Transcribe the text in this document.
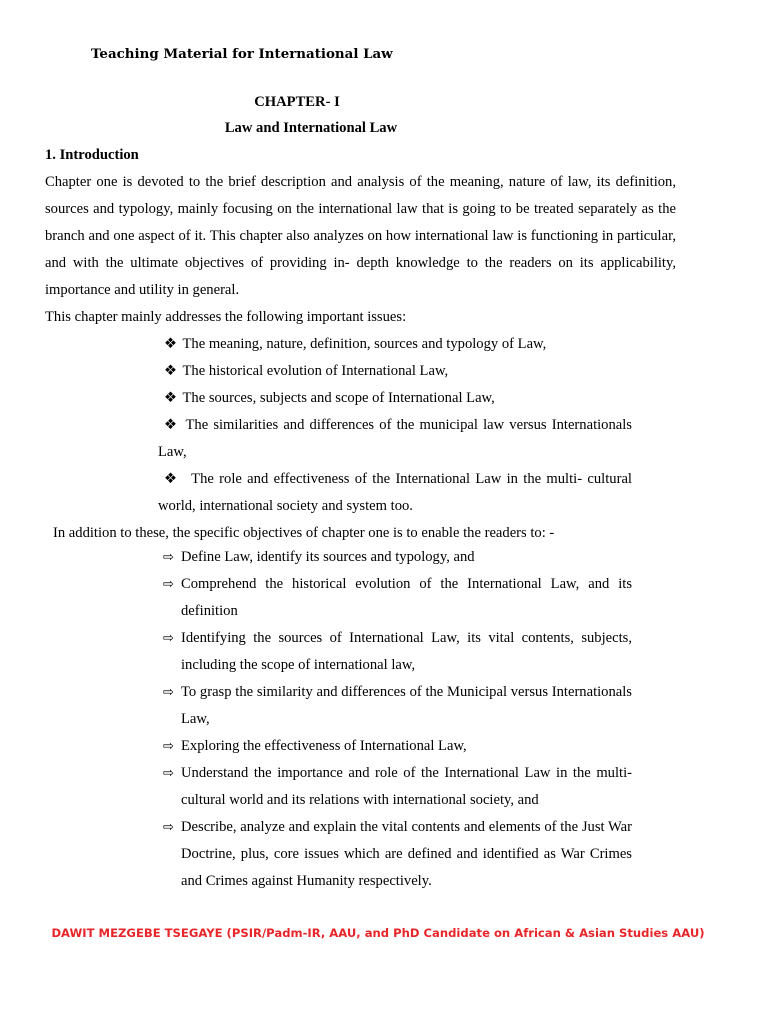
Teaching Material for International Law
CHAPTER- I
Law and International Law
1. Introduction

Chapter one is devoted to the brief description and analysis of the meaning, nature of law, its definition, sources and typology, mainly focusing on the international law that is going to be treated separately as the branch and one aspect of it. This chapter also analyzes on how international law is functioning in particular, and with the ultimate objectives of providing in- depth knowledge to the readers on its applicability, importance and utility in general.

This chapter mainly addresses the following important issues:

❖ The meaning, nature, definition, sources and typology of Law,
❖ The historical evolution of International Law,
❖ The sources, subjects and scope of International Law,
❖ The similarities and differences of the municipal law versus Internationals Law,
❖ The role and effectiveness of the International Law in the multi- cultural world, international society and system too.

In addition to these, the specific objectives of chapter one is to enable the readers to: -

⇨ Define Law, identify its sources and typology, and
⇨ Comprehend the historical evolution of the International Law, and its definition
⇨ Identifying the sources of International Law, its vital contents, subjects, including the scope of international law,
⇨ To grasp the similarity and differences of the Municipal versus Internationals Law,
⇨ Exploring the effectiveness of International Law,
⇨ Understand the importance and role of the International Law in the multi- cultural world and its relations with international society, and
⇨ Describe, analyze and explain the vital contents and elements of the Just War Doctrine, plus, core issues which are defined and identified as War Crimes and Crimes against Humanity respectively.
DAWIT MEZGEBE TSEGAYE (PSIR/Padm-IR, AAU, and PhD Candidate on African & Asian Studies AAU)
